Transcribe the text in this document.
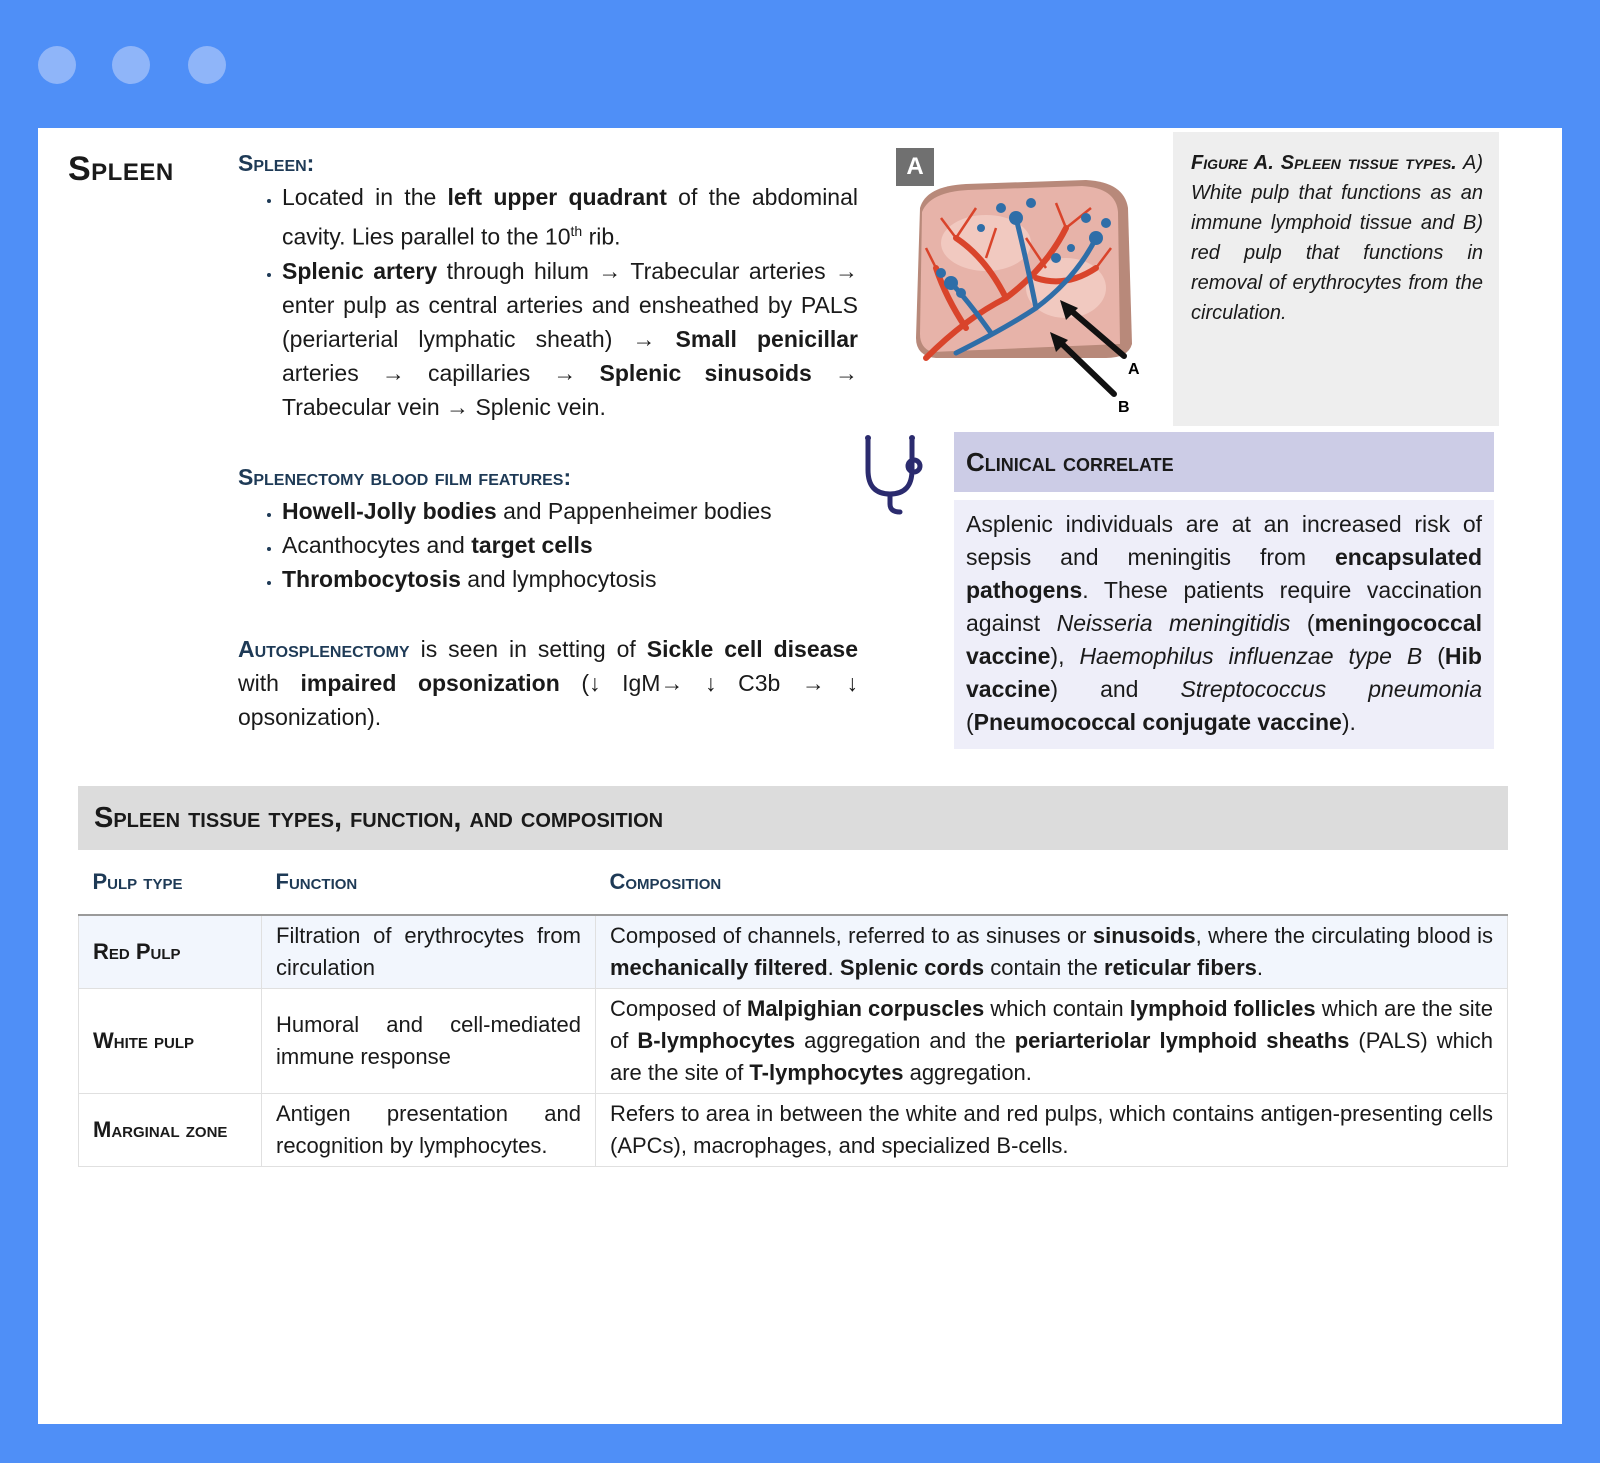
Spleen	Spleen:
• Located in the left upper quadrant of the abdominal cavity. Lies parallel to the 10th rib.
• Splenic artery through hilum → Trabecular arteries → enter pulp as central arteries and ensheathed by PALS (periarterial lymphatic sheath) → Small penicillar arteries → capillaries → Splenic sinusoids → Trabecular vein → Splenic vein.
Splenectomy blood film features:
• Howell-Jolly bodies and Pappenheimer bodies
• Acanthocytes and target cells
• Thrombocytosis and lymphocytosis

Autosplenectomy is seen in setting of Sickle cell disease with impaired opsonization (↓ IgM→ ↓ C3b → ↓ opsonization).

A
B
A	Figure A. Spleen tissue types. A) White pulp that functions as an immune lymphoid tissue and B) red pulp that functions in removal of erythrocytes from the circulation.
Clinical correlate

Asplenic individuals are at an increased risk of sepsis and meningitis from encapsulated pathogens. These patients require vaccination against Neisseria meningitidis (meningococcal vaccine), Haemophilus influenzae type B (Hib vaccine) and Streptococcus pneumonia (Pneumococcal conjugate vaccine).

Spleen tissue types, function, and composition
Pulp type	Function	Composition
Red Pulp	Filtration of erythrocytes from circulation	Composed of channels, referred to as sinuses or sinusoids, where the circulating blood is mechanically filtered. Splenic cords contain the reticular fibers.
White pulp	Humoral and cell-mediated immune response	Composed of Malpighian corpuscles which contain lymphoid follicles which are the site of B-lymphocytes aggregation and the periarteriolar lymphoid sheaths (PALS) which are the site of T-lymphocytes aggregation.
Marginal zone	Antigen presentation and recognition by lymphocytes.	Refers to area in between the white and red pulps, which contains antigen-presenting cells (APCs), macrophages, and specialized B-cells.
